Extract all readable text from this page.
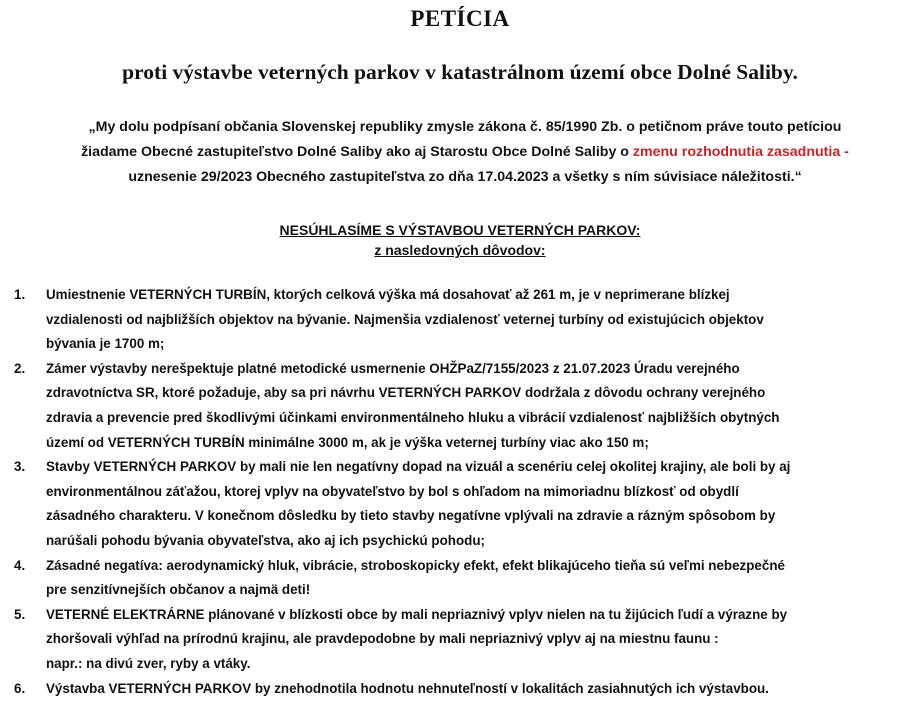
PETÍCIA
proti výstavbe veterných parkov v katastrálnom území obce Dolné Saliby.
„My dolu podpísaní občania Slovenskej republiky zmysle zákona č. 85/1990 Zb. o petičnom práve touto petíciou
žiadame Obecné zastupiteľstvo Dolné Saliby ako aj Starostu Obce Dolné Saliby o zmenu rozhodnutia zasadnutia -
uznesenie 29/2023 Obecného zastupiteľstva zo dňa 17.04.2023 a všetky s ním súvisiace náležitosti.“
NESÚHLASÍME S VÝSTAVBOU VETERNÝCH PARKOV:
z nasledovných dôvodov:
1. Umiestnenie VETERNÝCH TURBÍN, ktorých celková výška má dosahovať až 261 m, je v neprimerane blízkej
vzdialenosti od najbližších objektov na bývanie. Najmenšia vzdialenosť veternej turbíny od existujúcich objektov
bývania je 1700 m;
2. Zámer výstavby nerešpektuje platné metodické usmernenie OHŽPaZ/7155/2023 z 21.07.2023 Úradu verejného
zdravotníctva SR, ktoré požaduje, aby sa pri návrhu VETERNÝCH PARKOV dodržala z dôvodu ochrany verejného
zdravia a prevencie pred škodlivými účinkami environmentálneho hluku a vibrácií vzdialenosť najbližších obytných
území od VETERNÝCH TURBÍN minimálne 3000 m, ak je výška veternej turbíny viac ako 150 m;
3. Stavby VETERNÝCH PARKOV by mali nie len negatívny dopad na vizuál a scenériu celej okolitej krajiny, ale boli by aj
environmentálnou záťažou, ktorej vplyv na obyvateľstvo by bol s ohľadom na mimoriadnu blízkosť od obydlí
zásadného charakteru. V konečnom dôsledku by tieto stavby negatívne vplývali na zdravie a rázným spôsobom by
narúšali pohodu bývania obyvateľstva, ako aj ich psychickú pohodu;
4. Zásadné negatíva: aerodynamický hluk, vibrácie, stroboskopicky efekt, efekt blikajúceho tieňa sú veľmi nebezpečné
pre senzitívnejších občanov a najmä deti!
5. VETERNÉ ELEKTRÁRNE plánované v blízkosti obce by mali nepriaznivý vplyv nielen na tu žijúcich ľudí a výrazne by
zhoršovali výhľad na prírodnú krajinu, ale pravdepodobne by mali nepriaznivý vplyv aj na miestnu faunu :
napr.: na divú zver, ryby a vtáky.
6. Výstavba VETERNÝCH PARKOV by znehodnotila hodnotu nehnuteľností v lokalitách zasiahnutých ich výstavbou.
